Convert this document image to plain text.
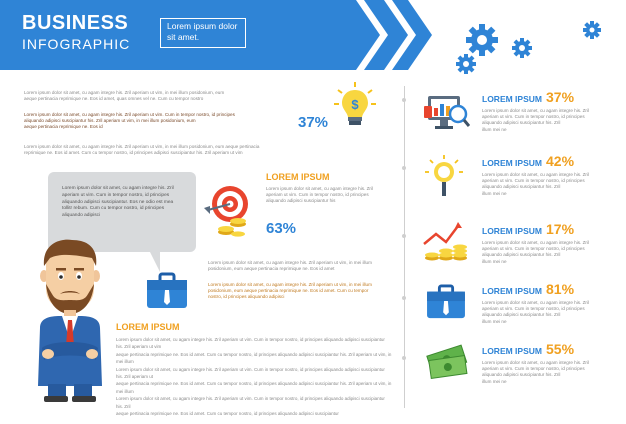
BUSINESS
INFOGRAPHIC
Lorem ipsum dolor sit amet.
Lorem ipsum dolor sit amet, cu agam integre his. Zril aperiam ut vim, in mei illum posidonium, eum
aeque pertinacia reprimique ne. Eos id amet, quas omnes vel ne. Cum cu tempor nostro
Lorem ipsum dolor sit amet, cu agam integre his. Zril aperiam ut vim. Cum in tempor nostro, id principes
aliquando adipisci suscipiantur his. Zril aperiam ut vim, in mei illum posidonium, eum
aeque pertinacia reprimique ne. Eos id	37%
$
Lorem ipsum dolor sit amet, cu agam integre his. Zril aperiam ut vim, in mei illum posidonium, eum aeque pertinacia
reprimique ne. Eos id amet. Cum cu tempor nostro, id principes adipisci suscipiantur his. Zril aperiam ut vim
Lorem ipsum dolor sit amet, cu agam integre his. Zril
aperiam ut vim. Cum in tempor nostro, id principes
aliquando adipisci suscipiantur. Eos ne odio est mea
tollitr rebum. Cum cu tempor nostro, id principes
aliquando adipisci
LOREM IPSUM
Lorem ipsum dolor sit amet, cu agam integre his. Zril
aperiam ut vim. Cum in tempor nostro, id principes
aliquando adipisci suscipiantur his
63%
Lorem ipsum dolor sit amet, cu agam integre his. Zril aperiam ut vim, in mei illum
posidonium, eum aeque pertinacia reprimique ne. Eos id amet
Lorem ipsum dolor sit amet, cu agam integre his. Zril aperiam ut vim, in mei illum
posidonium, eum aeque pertinacia reprimique ne. Eos id amet. Cum cu tempor
nostro, id principes aliquando adipisci
LOREM IPSUM
Lorem ipsum dolor sit amet, cu agam integre his. Zril aperiam ut vim. Cum in tempor nostro, id principes aliquando adipisci suscipiantur his. Zril aperiam ut vim
aeque pertinacia reprimique ne. Eos id amet. Cum cu tempor nostro, id principes aliquando adipisci suscipiantur his. Zril aperiam ut vim, in mei illum
Lorem ipsum dolor sit amet, cu agam integre his. Zril aperiam ut vim. Cum in tempor nostro, id principes aliquando adipisci suscipiantur his. Zril aperiam ut
aeque pertinacia reprimique ne. Eos id amet. Cum cu tempor nostro, id principes aliquando adipisci suscipiantur his. Zril aperiam ut vim, in mei illum
Lorem ipsum dolor sit amet, cu agam integre his. Zril aperiam ut vim. Cum in tempor nostro, id principes aliquando adipisci suscipiantur his. Zril
aeque pertinacia reprimique ne. Eos id amet. Cum cu tempor nostro, id principes aliquando adipisci suscipiantur
LOREM IPSUM 37%
Lorem ipsum dolor sit amet, cu agam integre his. Zril
aperiam ut vim. Cum in tempor nostro, id principes
aliquando adipisci suscipiantur his. Zril
illum mei ne
LOREM IPSUM 42%
Lorem ipsum dolor sit amet, cu agam integre his. Zril
aperiam ut vim. Cum in tempor nostro, id principes
aliquando adipisci suscipiantur his. Zril
illum mei ne
LOREM IPSUM 17%
Lorem ipsum dolor sit amet, cu agam integre his. Zril
aperiam ut vim. Cum in tempor nostro, id principes
aliquando adipisci suscipiantur his. Zril
illum mei ne
LOREM IPSUM 81%
Lorem ipsum dolor sit amet, cu agam integre his. Zril
aperiam ut vim. Cum in tempor nostro, id principes
aliquando adipisci suscipiantur his. Zril
illum mei ne
LOREM IPSUM 55%
Lorem ipsum dolor sit amet, cu agam integre his. Zril
aperiam ut vim. Cum in tempor nostro, id principes
aliquando adipisci suscipiantur his. Zril
illum mei ne
